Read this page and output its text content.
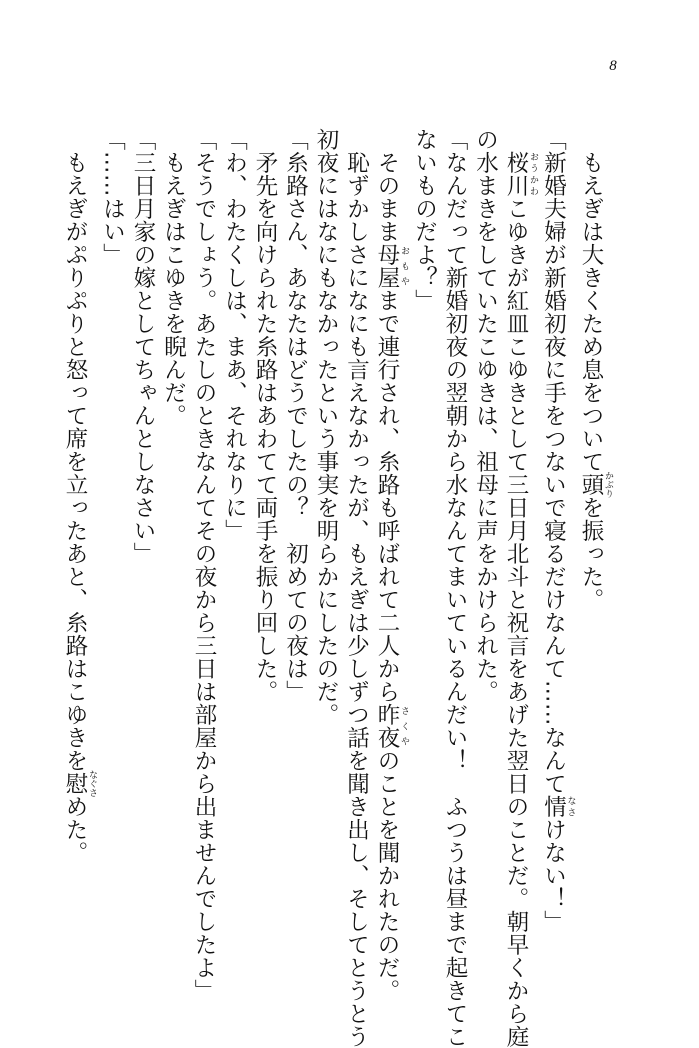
8
　もえぎは大きくため息をついて頭 かぶりを振った。
「新婚夫婦が新婚初夜に手をつないで寝るだけなんて……なんて情 なさけない！」
　桜川 おうかわこゆきが紅皿こゆきとして三日月北斗と祝言をあげた翌日のことだ。朝早くから庭
の水まきをしていたこゆきは、祖母に声をかけられた。
「なんだって新婚初夜の翌朝から水なんてまいているんだい！　ふつうは昼まで起きてこ
ないものだよ？」
　そのまま母屋 おもやまで連行され、糸路も呼ばれて二人から昨夜 さくやのことを聞かれたのだ。
　恥ずかしさになにも言えなかったが、もえぎは少しずつ話を聞き出し、そしてとうとう
初夜にはなにもなかったという事実を明らかにしたのだ。
「糸路さん、あなたはどうでしたの？　初めての夜は」
　矛先を向けられた糸路はあわてて両手を振り回した。
「わ、わたくしは、まあ、それなりに」
「そうでしょう。あたしのときなんてその夜から三日は部屋から出ませんでしたよ」
　もえぎはこゆきを睨んだ。
「三日月家の嫁としてちゃんとしなさい」
「……はい」
　もえぎがぷりぷりと怒って席を立ったあと、糸路はこゆきを慰 なぐさめた。
